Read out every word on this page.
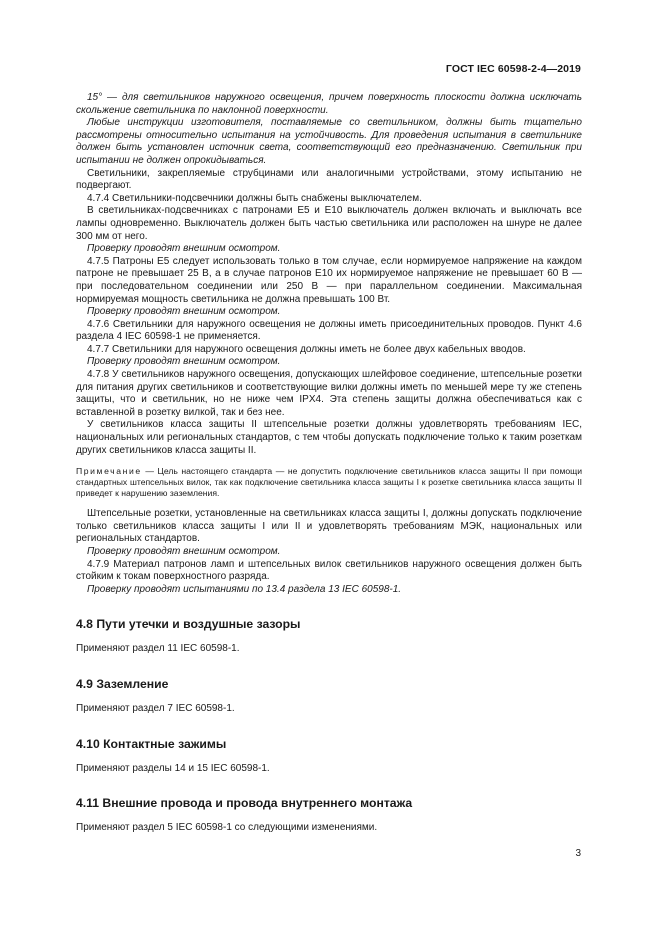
ГОСТ IEC 60598-2-4—2019

15° — для светильников наружного освещения, причем поверхность плоскости должна исключать скольжение светильника по наклонной поверхности.

Любые инструкции изготовителя, поставляемые со светильником, должны быть тщательно рассмотрены относительно испытания на устойчивость. Для проведения испытания в светильнике должен быть установлен источник света, соответствующий его предназначению. Светильник при испытании не должен опрокидываться.

Светильники, закрепляемые струбцинами или аналогичными устройствами, этому испытанию не подвергают.

4.7.4 Светильники-подсвечники должны быть снабжены выключателем.

В светильниках-подсвечниках с патронами Е5 и Е10 выключатель должен включать и выключать все лампы одновременно. Выключатель должен быть частью светильника или расположен на шнуре не далее 300 мм от него.

Проверку проводят внешним осмотром.

4.7.5 Патроны Е5 следует использовать только в том случае, если нормируемое напряжение на каждом патроне не превышает 25 В, а в случае патронов Е10 их нормируемое напряжение не превышает 60 В — при последовательном соединении или 250 В — при параллельном соединении. Максимальная нормируемая мощность светильника не должна превышать 100 Вт.

Проверку проводят внешним осмотром.

4.7.6 Светильники для наружного освещения не должны иметь присоединительных проводов. Пункт 4.6 раздела 4 IEC 60598-1 не применяется.

4.7.7 Светильники для наружного освещения должны иметь не более двух кабельных вводов.

Проверку проводят внешним осмотром.

4.7.8 У светильников наружного освещения, допускающих шлейфовое соединение, штепсельные розетки для питания других светильников и соответствующие вилки должны иметь по меньшей мере ту же степень защиты, что и светильник, но не ниже чем IPX4. Эта степень защиты должна обеспечиваться как с вставленной в розетку вилкой, так и без нее.

У светильников класса защиты II штепсельные розетки должны удовлетворять требованиям IEC, национальных или региональных стандартов, с тем чтобы допускать подключение только к таким розеткам других светильников класса защиты II.

Примечание — Цель настоящего стандарта — не допустить подключение светильников класса защиты II при помощи стандартных штепсельных вилок, так как подключение светильника класса защиты I к розетке светильника класса защиты II приведет к нарушению заземления.

Штепсельные розетки, установленные на светильниках класса защиты I, должны допускать подключение только светильников класса защиты I или II и удовлетворять требованиям МЭК, национальных или региональных стандартов.

Проверку проводят внешним осмотром.

4.7.9 Материал патронов ламп и штепсельных вилок светильников наружного освещения должен быть стойким к токам поверхностного разряда.

Проверку проводят испытаниями по 13.4 раздела 13 IEC 60598-1.

4.8 Пути утечки и воздушные зазоры

Применяют раздел 11 IEC 60598-1.

4.9 Заземление

Применяют раздел 7 IEC 60598-1.

4.10 Контактные зажимы

Применяют разделы 14 и 15 IEC 60598-1.

4.11 Внешние провода и провода внутреннего монтажа

Применяют раздел 5 IEC 60598-1 со следующими изменениями.

3
